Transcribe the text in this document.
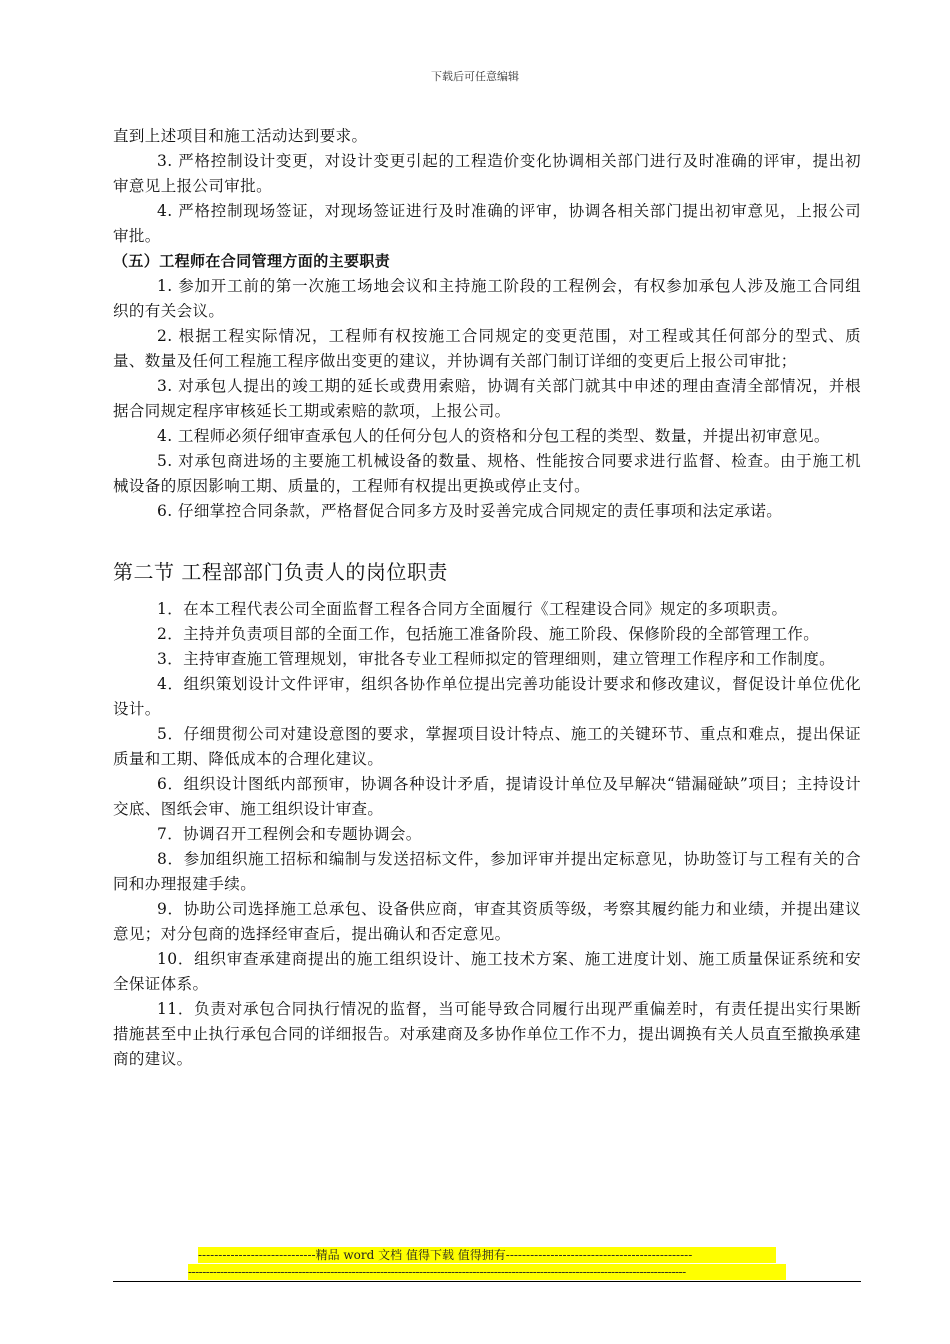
下载后可任意编辑

直到上述项目和施工活动达到要求。

3. 严格控制设计变更，对设计变更引起的工程造价变化协调相关部门进行及时准确的评审，提出初审意见上报公司审批。

4. 严格控制现场签证，对现场签证进行及时准确的评审，协调各相关部门提出初审意见，上报公司审批。

（五）工程师在合同管理方面的主要职责

1. 参加开工前的第一次施工场地会议和主持施工阶段的工程例会，有权参加承包人涉及施工合同组织的有关会议。

2. 根据工程实际情况，工程师有权按施工合同规定的变更范围，对工程或其任何部分的型式、质量、数量及任何工程施工程序做出变更的建议，并协调有关部门制订详细的变更后上报公司审批；

3. 对承包人提出的竣工期的延长或费用索赔，协调有关部门就其中申述的理由查清全部情况，并根据合同规定程序审核延长工期或索赔的款项，上报公司。

4. 工程师必须仔细审查承包人的任何分包人的资格和分包工程的类型、数量，并提出初审意见。

5. 对承包商进场的主要施工机械设备的数量、规格、性能按合同要求进行监督、检查。由于施工机械设备的原因影响工期、质量的，工程师有权提出更换或停止支付。

6. 仔细掌控合同条款，严格督促合同多方及时妥善完成合同规定的责任事项和法定承诺。

第二节 工程部部门负责人的岗位职责

1．在本工程代表公司全面监督工程各合同方全面履行《工程建设合同》规定的多项职责。

2．主持并负责项目部的全面工作，包括施工准备阶段、施工阶段、保修阶段的全部管理工作。

3．主持审查施工管理规划，审批各专业工程师拟定的管理细则，建立管理工作程序和工作制度。

4．组织策划设计文件评审，组织各协作单位提出完善功能设计要求和修改建议，督促设计单位优化设计。

5．仔细贯彻公司对建设意图的要求，掌握项目设计特点、施工的关键环节、重点和难点，提出保证质量和工期、降低成本的合理化建议。

6．组织设计图纸内部预审，协调各种设计矛盾，提请设计单位及早解决“错漏碰缺”项目；主持设计交底、图纸会审、施工组织设计审查。

7．协调召开工程例会和专题协调会。

8．参加组织施工招标和编制与发送招标文件，参加评审并提出定标意见，协助签订与工程有关的合同和办理报建手续。

9．协助公司选择施工总承包、设备供应商，审查其资质等级，考察其履约能力和业绩，并提出建议意见；对分包商的选择经审查后，提出确认和否定意见。

10．组织审查承建商提出的施工组织设计、施工技术方案、施工进度计划、施工质量保证系统和安全保证体系。

11．负责对承包合同执行情况的监督，当可能导致合同履行出现严重偏差时，有责任提出实行果断措施甚至中止执行承包合同的详细报告。对承建商及多协作单位工作不力，提出调换有关人员直至撤换承建商的建议。

-----------------------------精品 word 文档 值得下载 值得拥有----------------------------------------------
--------------------------------------------------------------------------------------------------------------------------------------------
